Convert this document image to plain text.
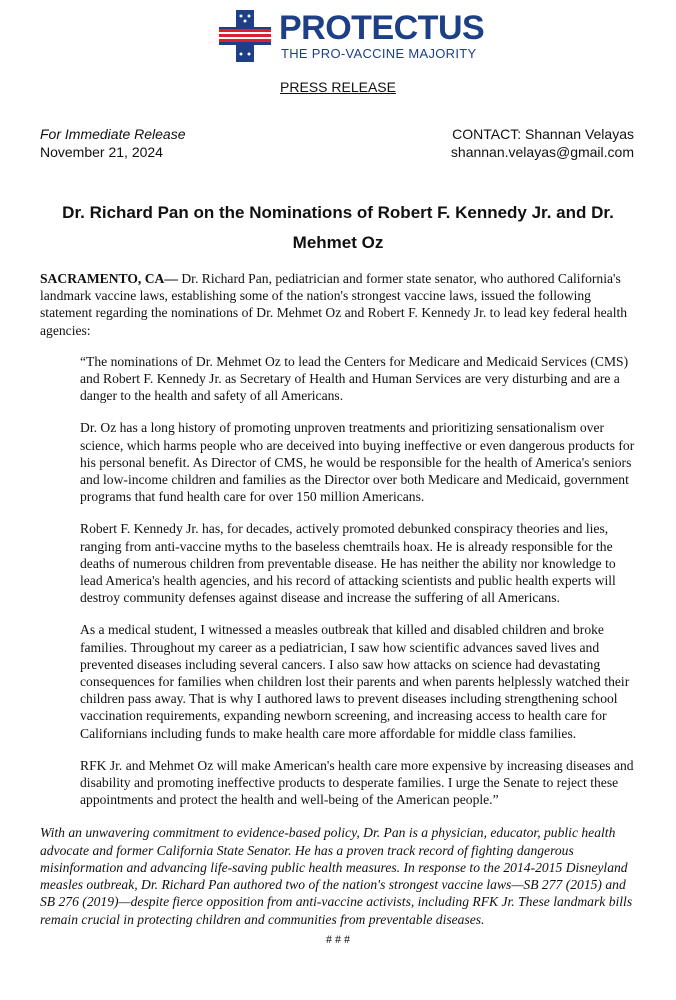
PROTECTUS
THE PRO-VACCINE MAJORITY
PRESS RELEASE
For Immediate Release
November 21, 2024
CONTACT: Shannan Velayas
shannan.velayas@gmail.com
Dr. Richard Pan on the Nominations of Robert F. Kennedy Jr. and Dr. Mehmet Oz

SACRAMENTO, CA— Dr. Richard Pan, pediatrician and former state senator, who authored California's landmark vaccine laws, establishing some of the nation's strongest vaccine laws, issued the following statement regarding the nominations of Dr. Mehmet Oz and Robert F. Kennedy Jr. to lead key federal health agencies:

“The nominations of Dr. Mehmet Oz to lead the Centers for Medicare and Medicaid Services (CMS) and Robert F. Kennedy Jr. as Secretary of Health and Human Services are very disturbing and are a danger to the health and safety of all Americans.

Dr. Oz has a long history of promoting unproven treatments and prioritizing sensationalism over science, which harms people who are deceived into buying ineffective or even dangerous products for his personal benefit. As Director of CMS, he would be responsible for the health of America's seniors and low-income children and families as the Director over both Medicare and Medicaid, government programs that fund health care for over 150 million Americans.

Robert F. Kennedy Jr. has, for decades, actively promoted debunked conspiracy theories and lies, ranging from anti-vaccine myths to the baseless chemtrails hoax. He is already responsible for the deaths of numerous children from preventable disease. He has neither the ability nor knowledge to lead America's health agencies, and his record of attacking scientists and public health experts will destroy community defenses against disease and increase the suffering of all Americans.

As a medical student, I witnessed a measles outbreak that killed and disabled children and broke families. Throughout my career as a pediatrician, I saw how scientific advances saved lives and prevented diseases including several cancers. I also saw how attacks on science had devastating consequences for families when children lost their parents and when parents helplessly watched their children pass away. That is why I authored laws to prevent diseases including strengthening school vaccination requirements, expanding newborn screening, and increasing access to health care for Californians including funds to make health care more affordable for middle class families.

RFK Jr. and Mehmet Oz will make American's health care more expensive by increasing diseases and disability and promoting ineffective products to desperate families. I urge the Senate to reject these appointments and protect the health and well-being of the American people.”

With an unwavering commitment to evidence-based policy, Dr. Pan is a physician, educator, public health advocate and former California State Senator. He has a proven track record of fighting dangerous misinformation and advancing life-saving public health measures. In response to the 2014-2015 Disneyland measles outbreak, Dr. Richard Pan authored two of the nation's strongest vaccine laws—SB 277 (2015) and SB 276 (2019)—despite fierce opposition from anti-vaccine activists, including RFK Jr. These landmark bills remain crucial in protecting children and communities from preventable diseases.

# # #
